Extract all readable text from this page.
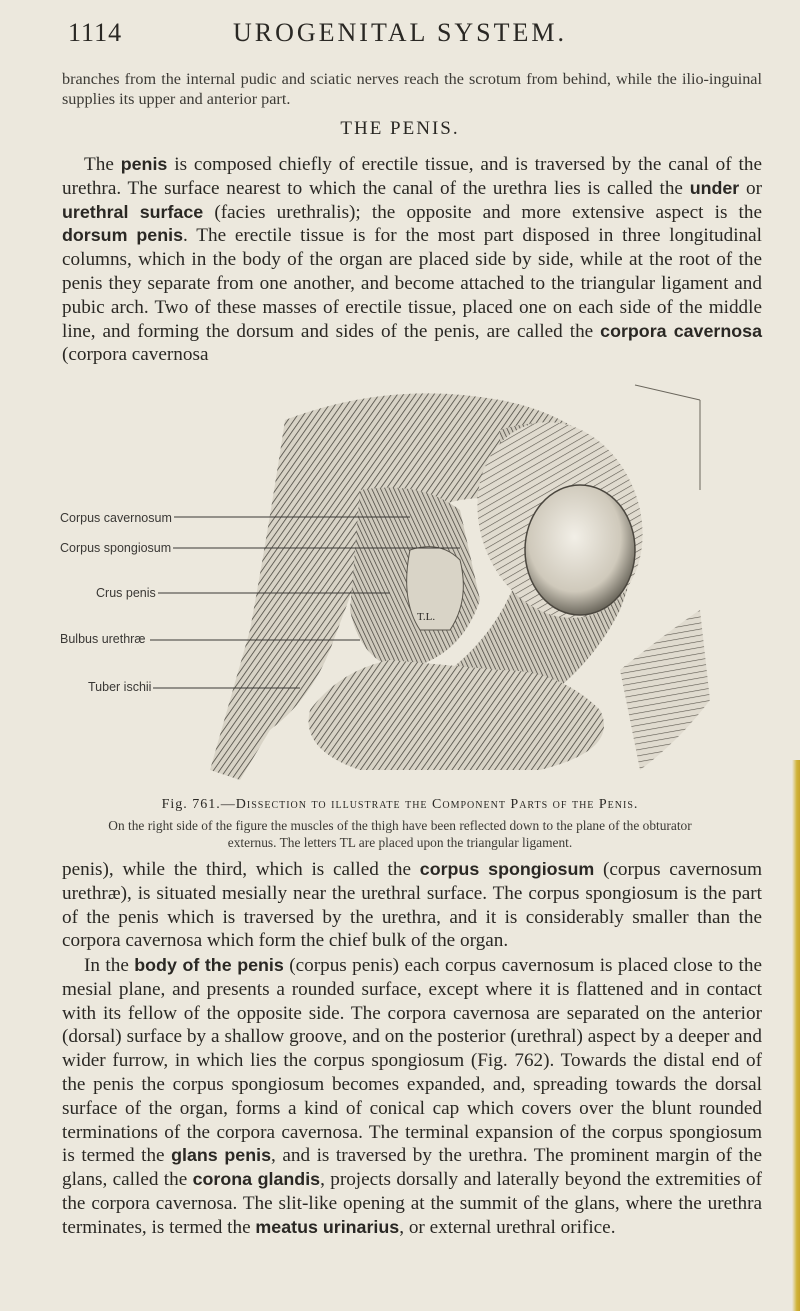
1114	UROGENITAL SYSTEM.

branches from the internal pudic and sciatic nerves reach the scrotum from behind, while the ilio-inguinal supplies its upper and anterior part.

THE PENIS.

The penis is composed chiefly of erectile tissue, and is traversed by the canal of the urethra. The surface nearest to which the canal of the urethra lies is called the under or urethral surface (facies urethralis); the opposite and more extensive aspect is the dorsum penis. The erectile tissue is for the most part disposed in three longitudinal columns, which in the body of the organ are placed side by side, while at the root of the penis they separate from one another, and become attached to the triangular ligament and pubic arch. Two of these masses of erectile tissue, placed one on each side of the middle line, and forming the dorsum and sides of the penis, are called the corpora cavernosa (corpora cavernosa

T.L.
Corpus cavernosum
Corpus spongiosum
Crus penis
Bulbus urethræ
Tuber ischii
Fig. 761.—Dissection to illustrate the Component Parts of the Penis.
On the right side of the figure the muscles of the thigh have been reflected down to the plane of the obturator externus. The letters TL are placed upon the triangular ligament.

penis), while the third, which is called the corpus spongiosum (corpus cavernosum urethræ), is situated mesially near the urethral surface. The corpus spongiosum is the part of the penis which is traversed by the urethra, and it is considerably smaller than the corpora cavernosa which form the chief bulk of the organ.

In the body of the penis (corpus penis) each corpus cavernosum is placed close to the mesial plane, and presents a rounded surface, except where it is flattened and in contact with its fellow of the opposite side. The corpora cavernosa are separated on the anterior (dorsal) surface by a shallow groove, and on the posterior (urethral) aspect by a deeper and wider furrow, in which lies the corpus spongiosum (Fig. 762). Towards the distal end of the penis the corpus spongiosum becomes expanded, and, spreading towards the dorsal surface of the organ, forms a kind of conical cap which covers over the blunt rounded terminations of the corpora cavernosa. The terminal expansion of the corpus spongiosum is termed the glans penis, and is traversed by the urethra. The prominent margin of the glans, called the corona glandis, projects dorsally and laterally beyond the extremities of the corpora cavernosa. The slit-like opening at the summit of the glans, where the urethra terminates, is termed the meatus urinarius, or external urethral orifice.
